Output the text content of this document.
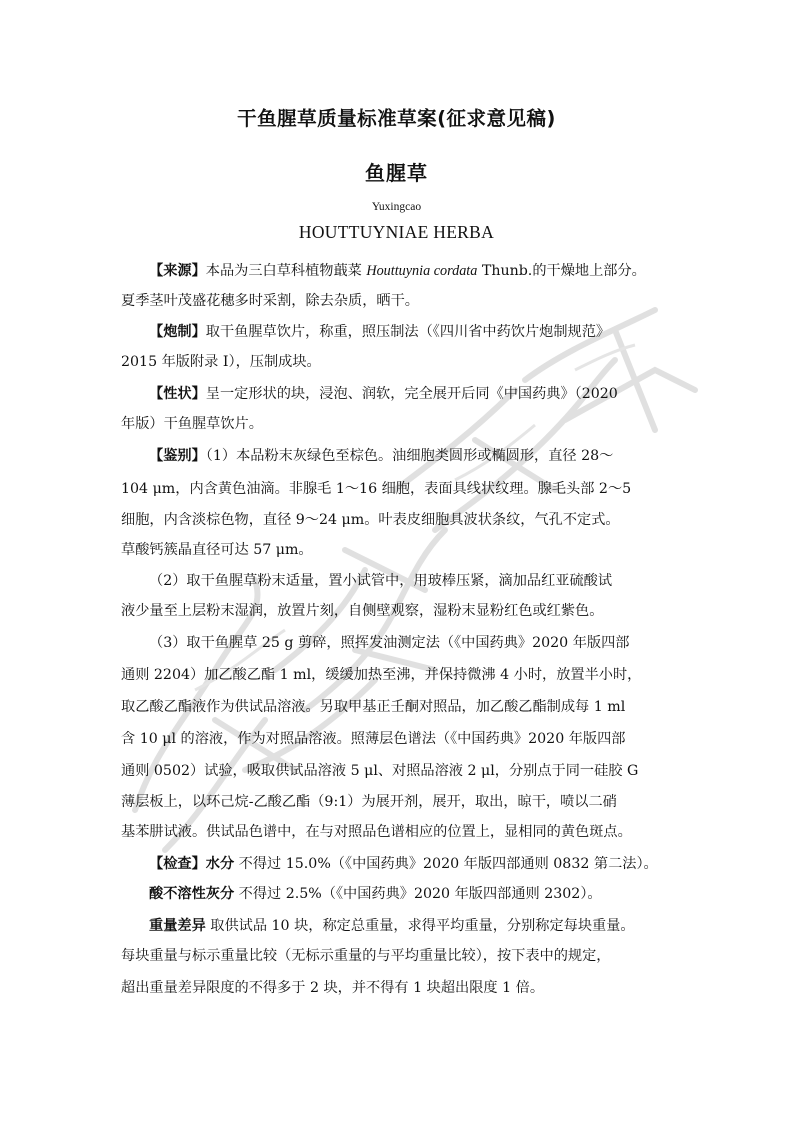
干鱼腥草质量标准草案(征求意见稿)
鱼腥草
Yuxingcao
HOUTTUYNIAE HERBA
【来源】本品为三白草科植物蕺菜 Houttuynia cordata Thunb.的干燥地上部分。
夏季茎叶茂盛花穗多时采割，除去杂质，晒干。
【炮制】取干鱼腥草饮片，称重，照压制法（《四川省中药饮片炮制规范》
2015 年版附录 I），压制成块。
【性状】呈一定形状的块，浸泡、润软，完全展开后同《中国药典》（2020
年版）干鱼腥草饮片。
【鉴别】（1）本品粉末灰绿色至棕色。油细胞类圆形或椭圆形，直径 28～
104 μm，内含黄色油滴。非腺毛 1～16 细胞，表面具线状纹理。腺毛头部 2～5
细胞，内含淡棕色物，直径 9～24 μm。叶表皮细胞具波状条纹，气孔不定式。
草酸钙簇晶直径可达 57 μm。
（2）取干鱼腥草粉末适量，置小试管中，用玻棒压紧，滴加品红亚硫酸试
液少量至上层粉末湿润，放置片刻，自侧壁观察，湿粉末显粉红色或红紫色。
（3）取干鱼腥草 25 g 剪碎，照挥发油测定法（《中国药典》2020 年版四部
通则 2204）加乙酸乙酯 1 ml，缓缓加热至沸，并保持微沸 4 小时，放置半小时，
取乙酸乙酯液作为供试品溶液。另取甲基正壬酮对照品，加乙酸乙酯制成每 1 ml
含 10 μl 的溶液，作为对照品溶液。照薄层色谱法（《中国药典》2020 年版四部
通则 0502）试验，吸取供试品溶液 5 μl、对照品溶液 2 μl，分别点于同一硅胶 G
薄层板上，以环己烷-乙酸乙酯（9:1）为展开剂，展开，取出，晾干，喷以二硝
基苯肼试液。供试品色谱中，在与对照品色谱相应的位置上，显相同的黄色斑点。
【检查】水分 不得过 15.0%（《中国药典》2020 年版四部通则 0832 第二法）。
酸不溶性灰分 不得过 2.5%（《中国药典》2020 年版四部通则 2302）。
重量差异 取供试品 10 块，称定总重量，求得平均重量，分别称定每块重量。
每块重量与标示重量比较（无标示重量的与平均重量比较），按下表中的规定，
超出重量差异限度的不得多于 2 块，并不得有 1 块超出限度 1 倍。
